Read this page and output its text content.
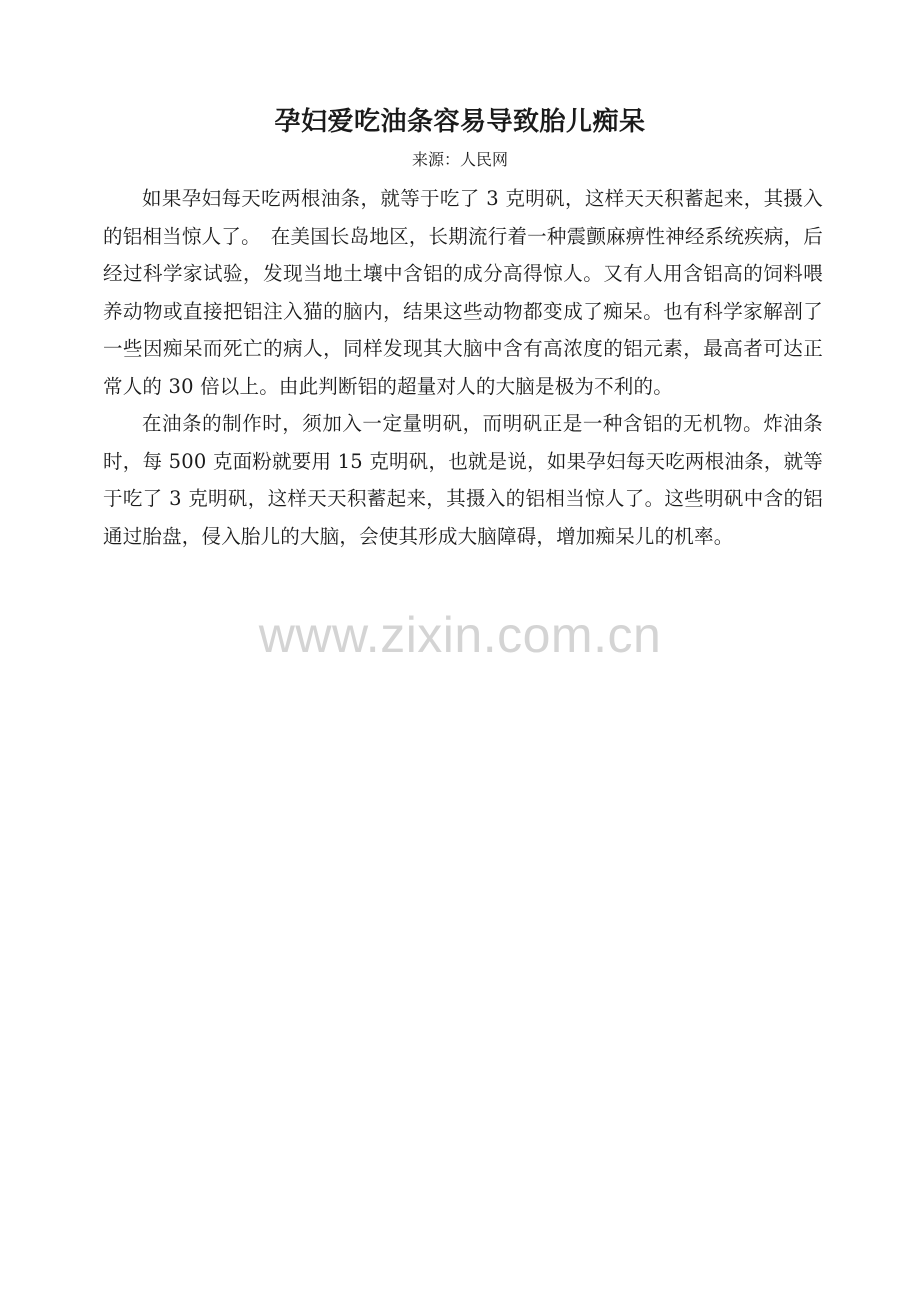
孕妇爱吃油条容易导致胎儿痴呆
来源：人民网

如果孕妇每天吃两根油条，就等于吃了 3 克明矾，这样天天积蓄起来，其摄入的铝相当惊人了。　在美国长岛地区，长期流行着一种震颤麻痹性神经系统疾病，后经过科学家试验，发现当地土壤中含铝的成分高得惊人。又有人用含铝高的饲料喂养动物或直接把铝注入猫的脑内，结果这些动物都变成了痴呆。也有科学家解剖了一些因痴呆而死亡的病人，同样发现其大脑中含有高浓度的铝元素，最高者可达正常人的 30 倍以上。由此判断铝的超量对人的大脑是极为不利的。

在油条的制作时，须加入一定量明矾，而明矾正是一种含铝的无机物。炸油条时，每 500 克面粉就要用 15 克明矾，也就是说，如果孕妇每天吃两根油条，就等于吃了 3 克明矾，这样天天积蓄起来，其摄入的铝相当惊人了。这些明矾中含的铝通过胎盘，侵入胎儿的大脑，会使其形成大脑障碍，增加痴呆儿的机率。

www.zixin.com.cn
